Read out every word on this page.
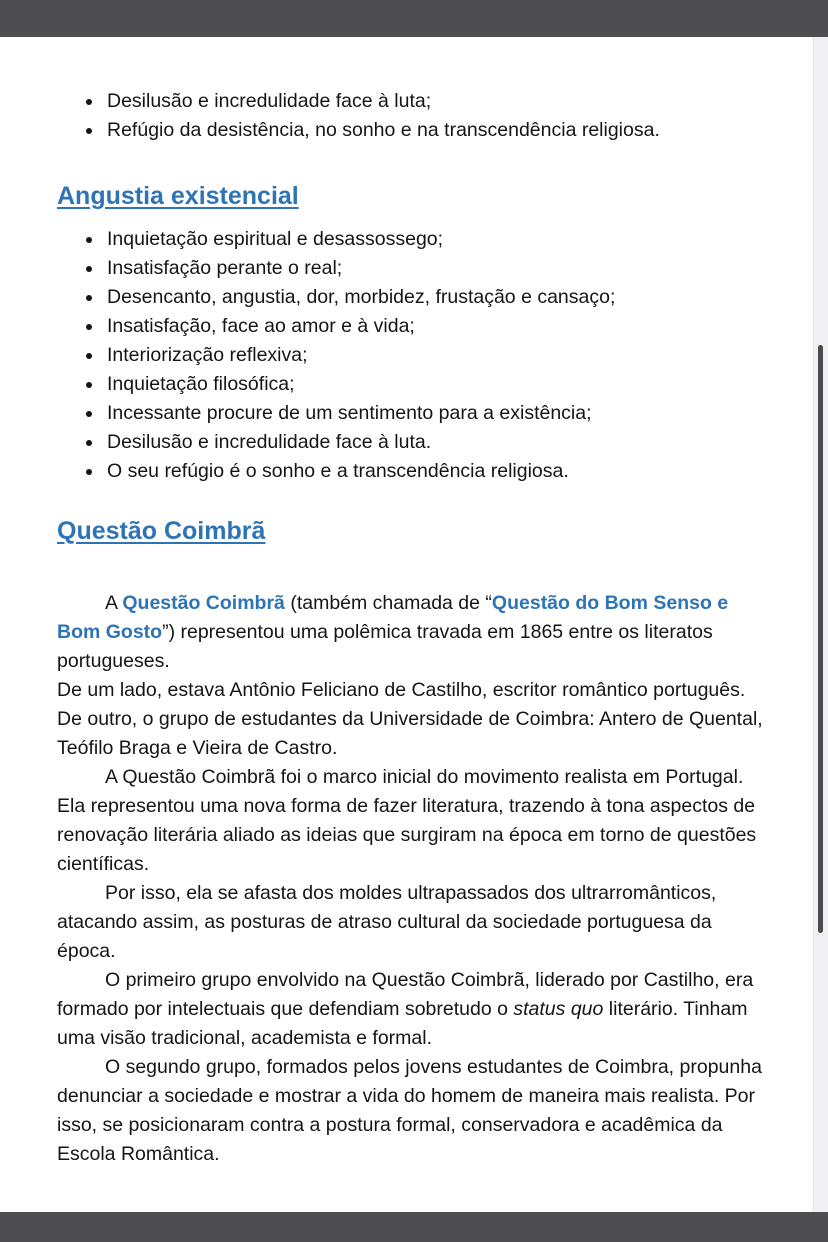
• Desilusão e incredulidade face à luta;
• Refúgio da desistência, no sonho e na transcendência religiosa.
Angustia existencial
• Inquietação espiritual e desassossego;
• Insatisfação perante o real;
• Desencanto, angustia, dor, morbidez, frustação e cansaço;
• Insatisfação, face ao amor e à vida;
• Interiorização reflexiva;
• Inquietação filosófica;
• Incessante procure de um sentimento para a existência;
• Desilusão e incredulidade face à luta.
• O seu refúgio é o sonho e a transcendência religiosa.
Questão Coimbrã

A Questão Coimbrã (também chamada de “Questão do Bom Senso e Bom Gosto”) representou uma polêmica travada em 1865 entre os literatos portugueses.

De um lado, estava Antônio Feliciano de Castilho, escritor romântico português. De outro, o grupo de estudantes da Universidade de Coimbra: Antero de Quental, Teófilo Braga e Vieira de Castro.

A Questão Coimbrã foi o marco inicial do movimento realista em Portugal. Ela representou uma nova forma de fazer literatura, trazendo à tona aspectos de renovação literária aliado as ideias que surgiram na época em torno de questões científicas.

Por isso, ela se afasta dos moldes ultrapassados dos ultrarromânticos, atacando assim, as posturas de atraso cultural da sociedade portuguesa da época.

O primeiro grupo envolvido na Questão Coimbrã, liderado por Castilho, era formado por intelectuais que defendiam sobretudo o status quo literário. Tinham uma visão tradicional, academista e formal.

O segundo grupo, formados pelos jovens estudantes de Coimbra, propunha denunciar a sociedade e mostrar a vida do homem de maneira mais realista. Por isso, se posicionaram contra a postura formal, conservadora e acadêmica da Escola Romântica.
